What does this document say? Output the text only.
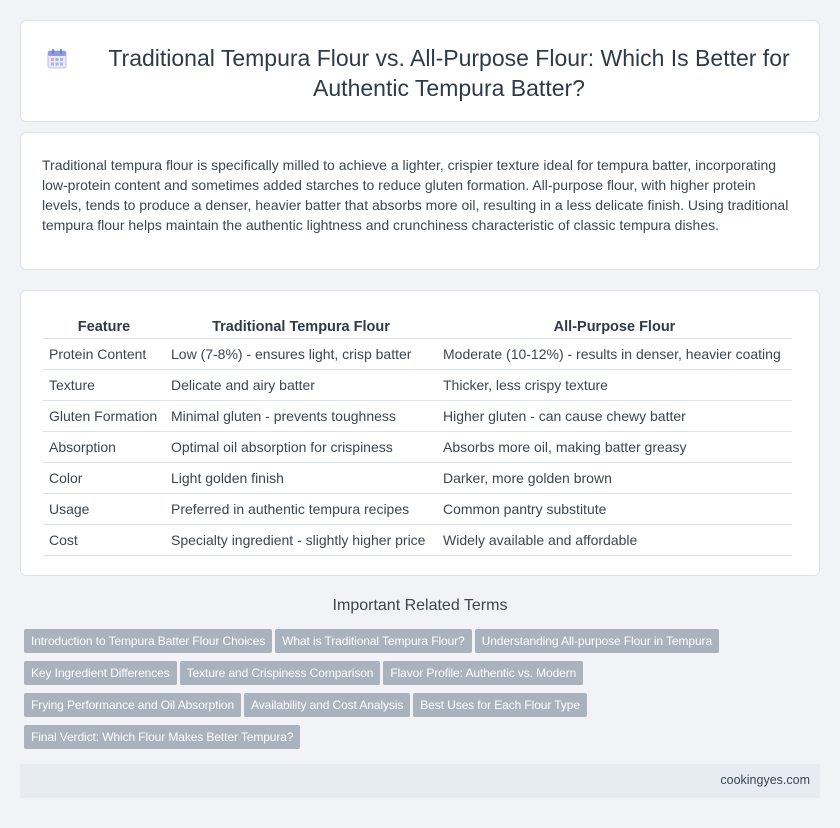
Traditional Tempura Flour vs. All-Purpose Flour: Which Is Better for Authentic Tempura Batter?

Traditional tempura flour is specifically milled to achieve a lighter, crispier texture ideal for tempura batter, incorporating low-protein content and sometimes added starches to reduce gluten formation. All-purpose flour, with higher protein levels, tends to produce a denser, heavier batter that absorbs more oil, resulting in a less delicate finish. Using traditional tempura flour helps maintain the authentic lightness and crunchiness characteristic of classic tempura dishes.

Feature	Traditional Tempura Flour	All-Purpose Flour
Protein Content	Low (7-8%) - ensures light, crisp batter	Moderate (10-12%) - results in denser, heavier coating
Texture	Delicate and airy batter	Thicker, less crispy texture
Gluten Formation	Minimal gluten - prevents toughness	Higher gluten - can cause chewy batter
Absorption	Optimal oil absorption for crispiness	Absorbs more oil, making batter greasy
Color	Light golden finish	Darker, more golden brown
Usage	Preferred in authentic tempura recipes	Common pantry substitute
Cost	Specialty ingredient - slightly higher price	Widely available and affordable
Important Related Terms
Introduction to Tempura Batter Flour Choices What is Traditional Tempura Flour? Understanding All-purpose Flour in Tempura
Key Ingredient Differences Texture and Crispiness Comparison Flavor Profile: Authentic vs. Modern
Frying Performance and Oil Absorption Availability and Cost Analysis Best Uses for Each Flour Type
Final Verdict: Which Flour Makes Better Tempura?
cookingyes.com
